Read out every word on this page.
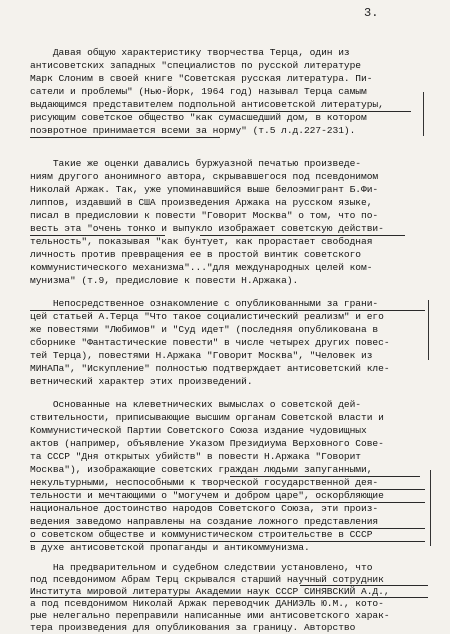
3.
Давая общую характеристику творчества Терца, один из
антисоветских западных "специалистов по русской литературе
Марк Слоним в своей книге "Советская русская литература. Пи-
сатели и проблемы" (Нью-Йорк, 1964 год) называл Терца самым
выдающимся представителем подпольной антисоветской литературы,
рисующим советское общество "как сумасшедший дом, в котором
поэвротное принимается всеми за норму" (т.5 л.д.227-231).
Такие же оценки давались буржуазной печатью произведе-
ниям другого анонимного автора, скрывавшегося под псевдонимом
Николай Аржак. Так, уже упоминавшийся выше белоэмигрант Б.Фи-
липпов, издавший в США произведения Аржака на русском языке,
писал в предисловии к повести "Говорит Москва" о том, что по-
весть эта "очень тонко и выпукло изображает советскую действи-
тельность", показывая "как бунтует, как прорастает свободная
личность против превращения ее в простой винтик советского
коммунистического механизма"..."для международных целей ком-
мунизма" (т.9, предисловие к повести Н.Аржака).
Непосредственное ознакомление с опубликованными за грани-
цей статьей А.Терца "Что такое социалистический реализм" и его
же повестями "Любимов" и "Суд идет" (последняя опубликована в
сборнике "Фантастические повести" в числе четырех других повес-
тей Терца), повестями Н.Аржака "Говорит Москва", "Человек из
МИНАПа", "Искупление" полностью подтверждает антисоветский кле-
ветнический характер этих произведений.
Основанные на клеветнических вымыслах о советской дей-
ствительности, приписывающие высшим органам Советской власти и
Коммунистической Партии Советского Союза издание чудовищных
актов (например, объявление Указом Президиума Верховного Сове-
та СССР "Дня открытых убийств" в повести Н.Аржака "Говорит
Москва"), изображающие советских граждан людьми запуганными,
некультурными, неспособными к творческой государственной дея-
тельности и мечтающими о "могучем и добром царе", оскорбляющие
национальное достоинство народов Советского Союза, эти произ-
ведения заведомо направлены на создание ложного представления
о советском обществе и коммунистическом строительстве в СССР
в духе антисоветской пропаганды и антикоммунизма.
На предварительном и судебном следствии установлено, что
под псевдонимом Абрам Терц скрывался старший научный сотрудник
Института мировой литературы Академии наук СССР СИНЯВСКИЙ А.Д.,
а под псевдонимом Николай Аржак переводчик ДАНИЭЛЬ Ю.М., кото-
рые нелегально переправили написанные ими антисоветского харак-
тера произведения для опубликования за границу. Авторство
